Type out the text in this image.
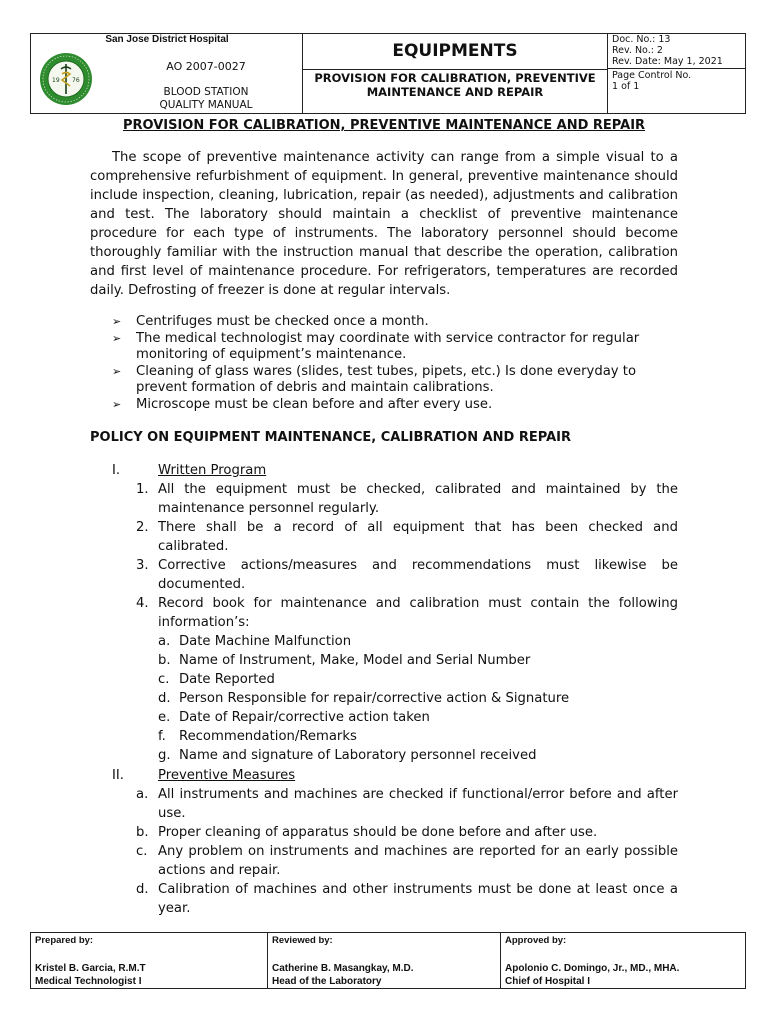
San Jose District Hospital
19 76
AO 2007-0027
BLOOD STATION
QUALITY MANUAL
EQUIPMENTS
PROVISION FOR CALIBRATION, PREVENTIVE MAINTENANCE AND REPAIR
Doc. No.: 13
Rev. No.: 2
Rev. Date: May 1, 2021
Page Control No.
1 of 1
PROVISION FOR CALIBRATION, PREVENTIVE MAINTENANCE AND REPAIR

The scope of preventive maintenance activity can range from a simple visual to a comprehensive refurbishment of equipment. In general, preventive maintenance should include inspection, cleaning, lubrication, repair (as needed), adjustments and calibration and test. The laboratory should maintain a checklist of preventive maintenance procedure for each type of instruments. The laboratory personnel should become thoroughly familiar with the instruction manual that describe the operation, calibration and first level of maintenance procedure. For refrigerators, temperatures are recorded daily. Defrosting of freezer is done at regular intervals.

➢ Centrifuges must be checked once a month.
➢ The medical technologist may coordinate with service contractor for regular monitoring of equipment’s maintenance.
➢ Cleaning of glass wares (slides, test tubes, pipets, etc.) Is done everyday to prevent formation of debris and maintain calibrations.
➢ Microscope must be clean before and after every use.
POLICY ON EQUIPMENT MAINTENANCE, CALIBRATION AND REPAIR
I.	Written Program
1. All the equipment must be checked, calibrated and maintained by the maintenance personnel regularly.
2. There shall be a record of all equipment that has been checked and calibrated.
3. Corrective actions/measures and recommendations must likewise be documented.
4. Record book for maintenance and calibration must contain the following information’s:
a. Date Machine Malfunction
b. Name of Instrument, Make, Model and Serial Number
c. Date Reported
d. Person Responsible for repair/corrective action & Signature
e. Date of Repair/corrective action taken
f. Recommendation/Remarks
g. Name and signature of Laboratory personnel received
II.	Preventive Measures
a. All instruments and machines are checked if functional/error before and after use.
b. Proper cleaning of apparatus should be done before and after use.
c. Any problem on instruments and machines are reported for an early possible actions and repair.
d. Calibration of machines and other instruments must be done at least once a year.
Prepared by:
Kristel B. Garcia, R.M.T
Medical Technologist I
Reviewed by:
Catherine B. Masangkay, M.D.
Head of the Laboratory
Approved by:
Apolonio C. Domingo, Jr., MD., MHA.
Chief of Hospital I
